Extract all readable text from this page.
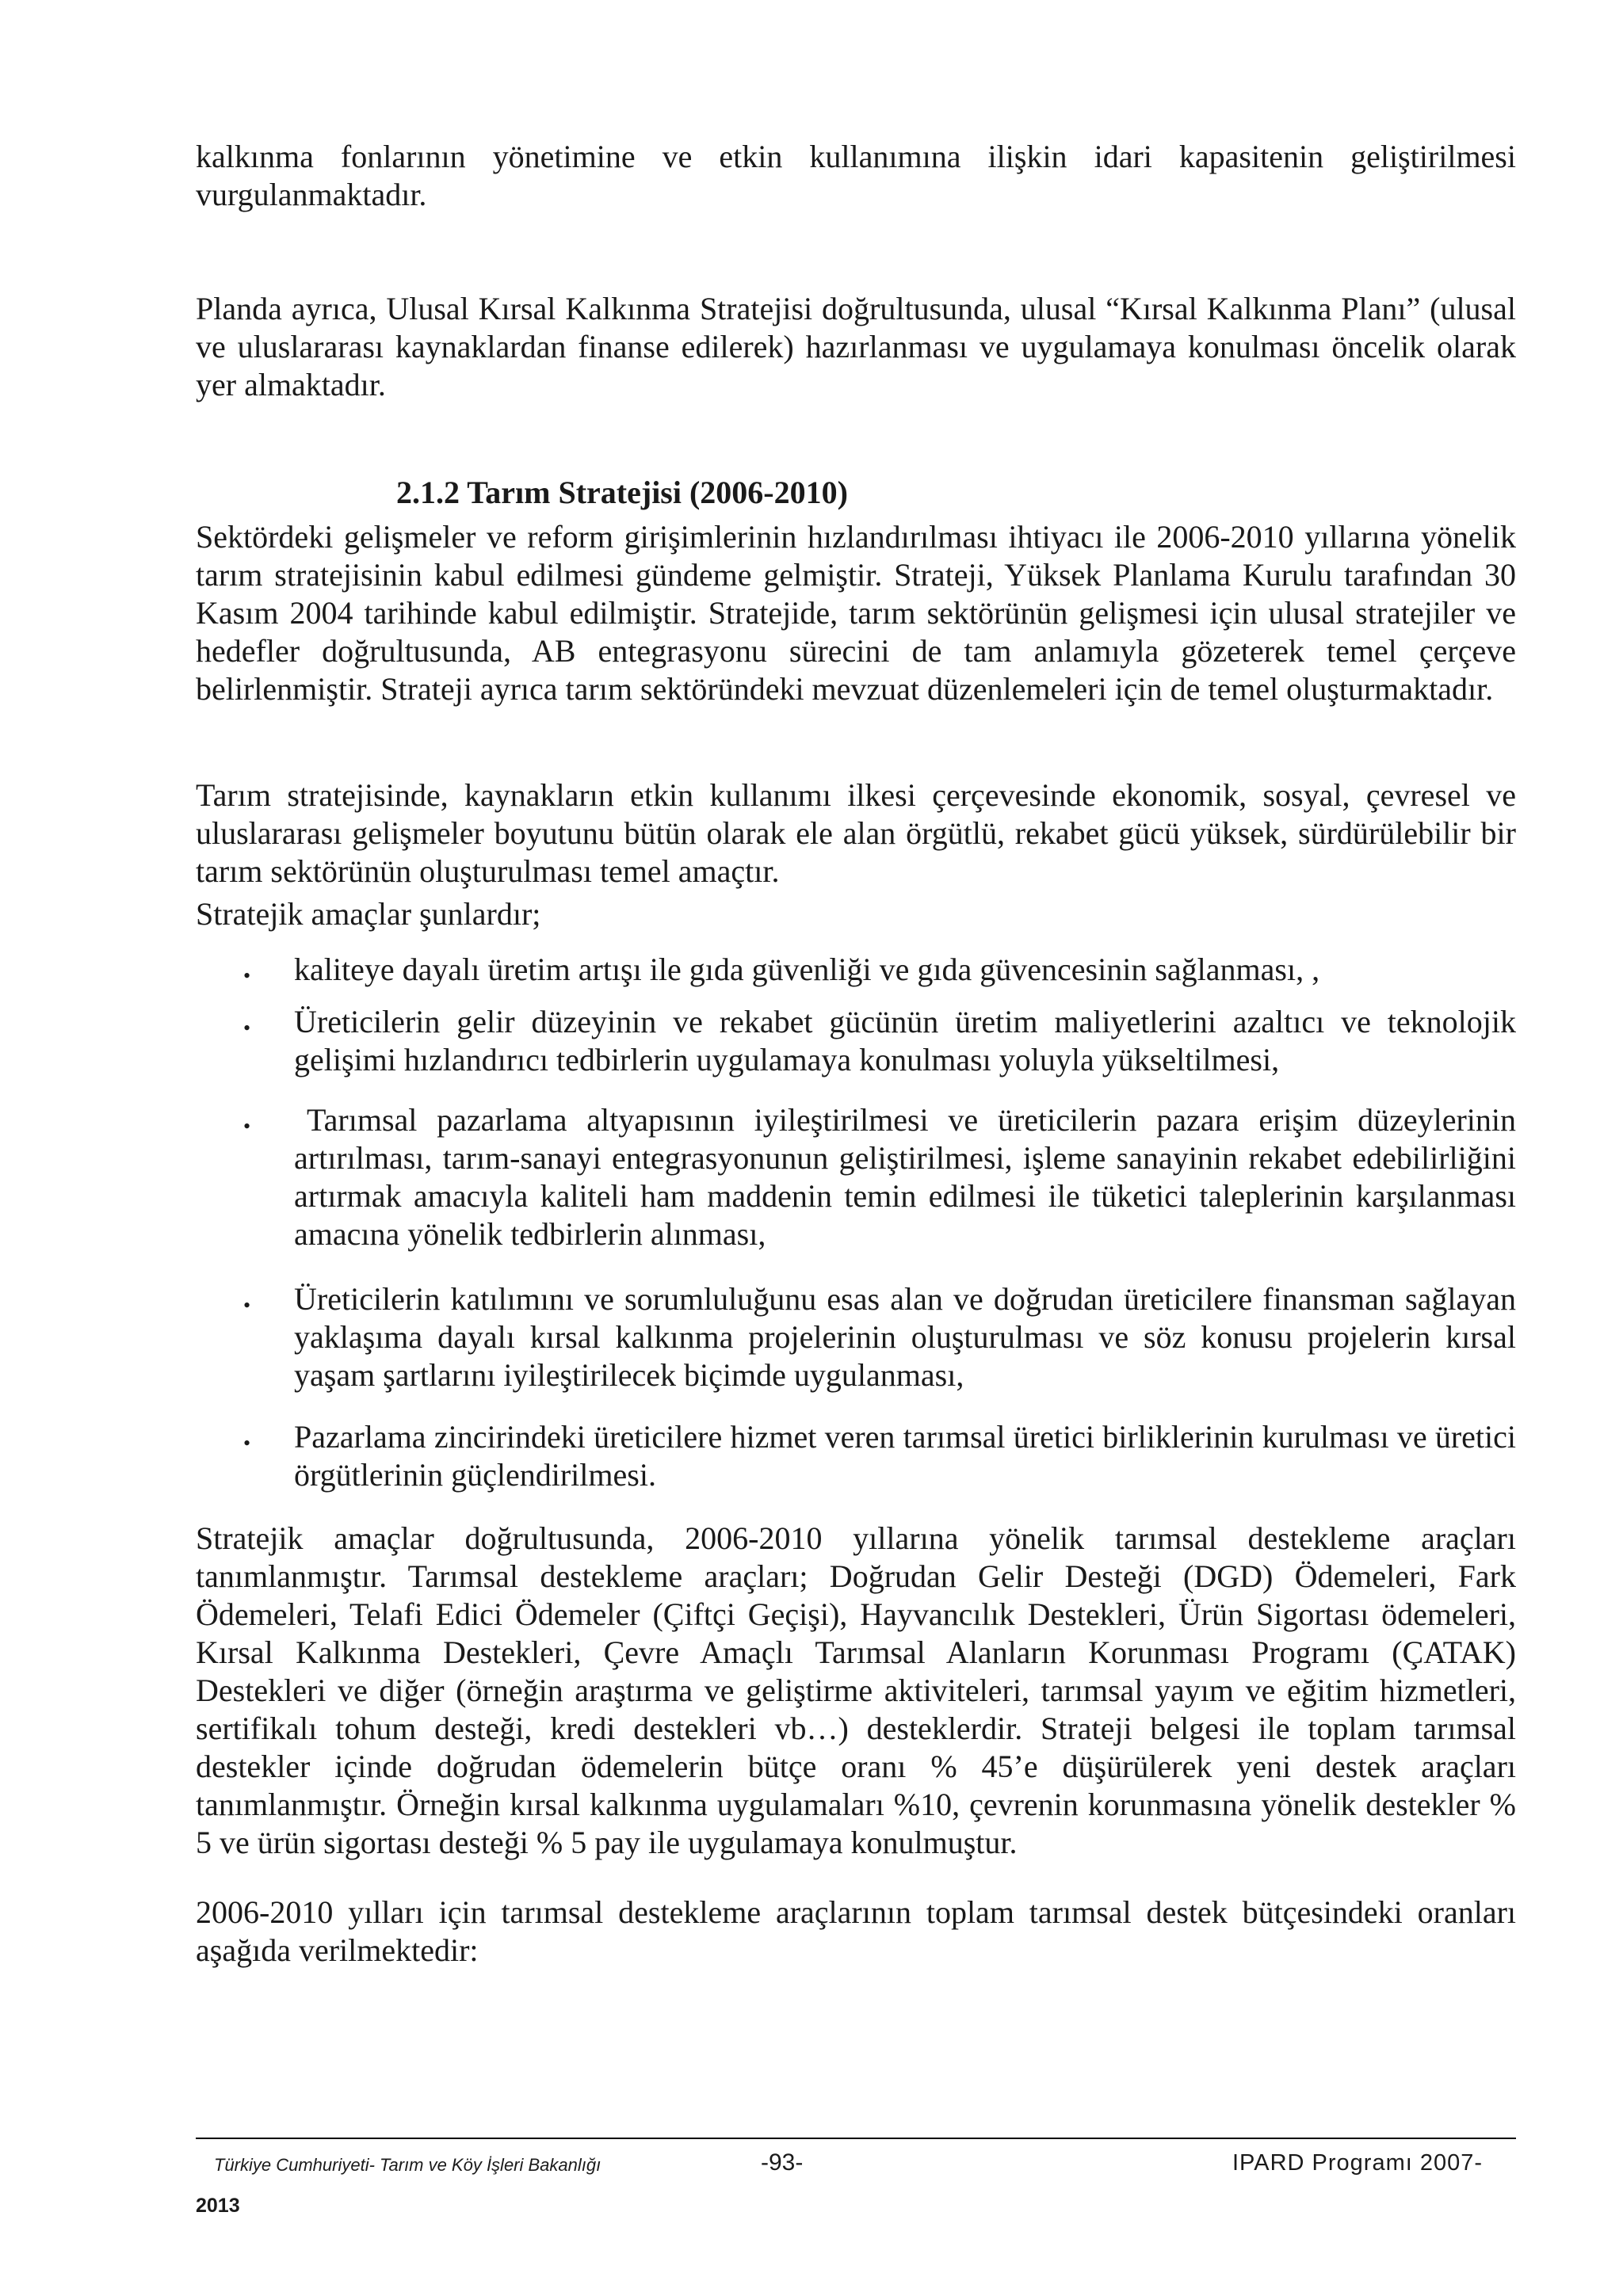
kalkınma fonlarının yönetimine ve etkin kullanımına ilişkin idari kapasitenin geliştirilmesi vurgulanmaktadır.

Planda ayrıca, Ulusal Kırsal Kalkınma Stratejisi doğrultusunda, ulusal “Kırsal Kalkınma Planı” (ulusal ve uluslararası kaynaklardan finanse edilerek) hazırlanması ve uygulamaya konulması öncelik olarak yer almaktadır.

2.1.2 Tarım Stratejisi (2006-2010)

Sektördeki gelişmeler ve reform girişimlerinin hızlandırılması ihtiyacı ile 2006-2010 yıllarına yönelik tarım stratejisinin kabul edilmesi gündeme gelmiştir. Strateji, Yüksek Planlama Kurulu tarafından 30 Kasım 2004 tarihinde kabul edilmiştir. Stratejide, tarım sektörünün gelişmesi için ulusal stratejiler ve hedefler doğrultusunda, AB entegrasyonu sürecini de tam anlamıyla gözeterek temel çerçeve belirlenmiştir. Strateji ayrıca tarım sektöründeki mevzuat düzenlemeleri için de temel oluşturmaktadır.

Tarım stratejisinde, kaynakların etkin kullanımı ilkesi çerçevesinde ekonomik, sosyal, çevresel ve uluslararası gelişmeler boyutunu bütün olarak ele alan örgütlü, rekabet gücü yüksek, sürdürülebilir bir tarım sektörünün oluşturulması temel amaçtır.

Stratejik amaçlar şunlardır;

• kaliteye dayalı üretim artışı ile gıda güvenliği ve gıda güvencesinin sağlanması, ,
• Üreticilerin gelir düzeyinin ve rekabet gücünün üretim maliyetlerini azaltıcı ve teknolojik gelişimi hızlandırıcı tedbirlerin uygulamaya konulması yoluyla yükseltilmesi,
•	Tarımsal pazarlama altyapısının iyileştirilmesi ve üreticilerin pazara erişim düzeylerinin artırılması, tarım-sanayi entegrasyonunun geliştirilmesi, işleme sanayinin rekabet edebilirliğini artırmak amacıyla kaliteli ham maddenin temin edilmesi ile tüketici taleplerinin karşılanması amacına yönelik tedbirlerin alınması,
• Üreticilerin katılımını ve sorumluluğunu esas alan ve doğrudan üreticilere finansman sağlayan yaklaşıma dayalı kırsal kalkınma projelerinin oluşturulması ve söz konusu projelerin kırsal yaşam şartlarını iyileştirilecek biçimde uygulanması,
• Pazarlama zincirindeki üreticilere hizmet veren tarımsal üretici birliklerinin kurulması ve üretici örgütlerinin güçlendirilmesi.

Stratejik amaçlar doğrultusunda, 2006-2010 yıllarına yönelik tarımsal destekleme araçları tanımlanmıştır. Tarımsal destekleme araçları; Doğrudan Gelir Desteği (DGD) Ödemeleri, Fark Ödemeleri, Telafi Edici Ödemeler (Çiftçi Geçişi), Hayvancılık Destekleri, Ürün Sigortası ödemeleri, Kırsal Kalkınma Destekleri, Çevre Amaçlı Tarımsal Alanların Korunması Programı (ÇATAK) Destekleri ve diğer (örneğin araştırma ve geliştirme aktiviteleri, tarımsal yayım ve eğitim hizmetleri, sertifikalı tohum desteği, kredi destekleri vb…) desteklerdir. Strateji belgesi ile toplam tarımsal destekler içinde doğrudan ödemelerin bütçe oranı % 45’e düşürülerek yeni destek araçları tanımlanmıştır. Örneğin kırsal kalkınma uygulamaları %10, çevrenin korunmasına yönelik destekler % 5 ve ürün sigortası desteği % 5 pay ile uygulamaya konulmuştur.

2006-2010 yılları için tarımsal destekleme araçlarının toplam tarımsal destek bütçesindeki oranları aşağıda verilmektedir:

Türkiye Cumhuriyeti- Tarım ve Köy İşleri Bakanlığı	-93-	IPARD Programı 2007-
2013
